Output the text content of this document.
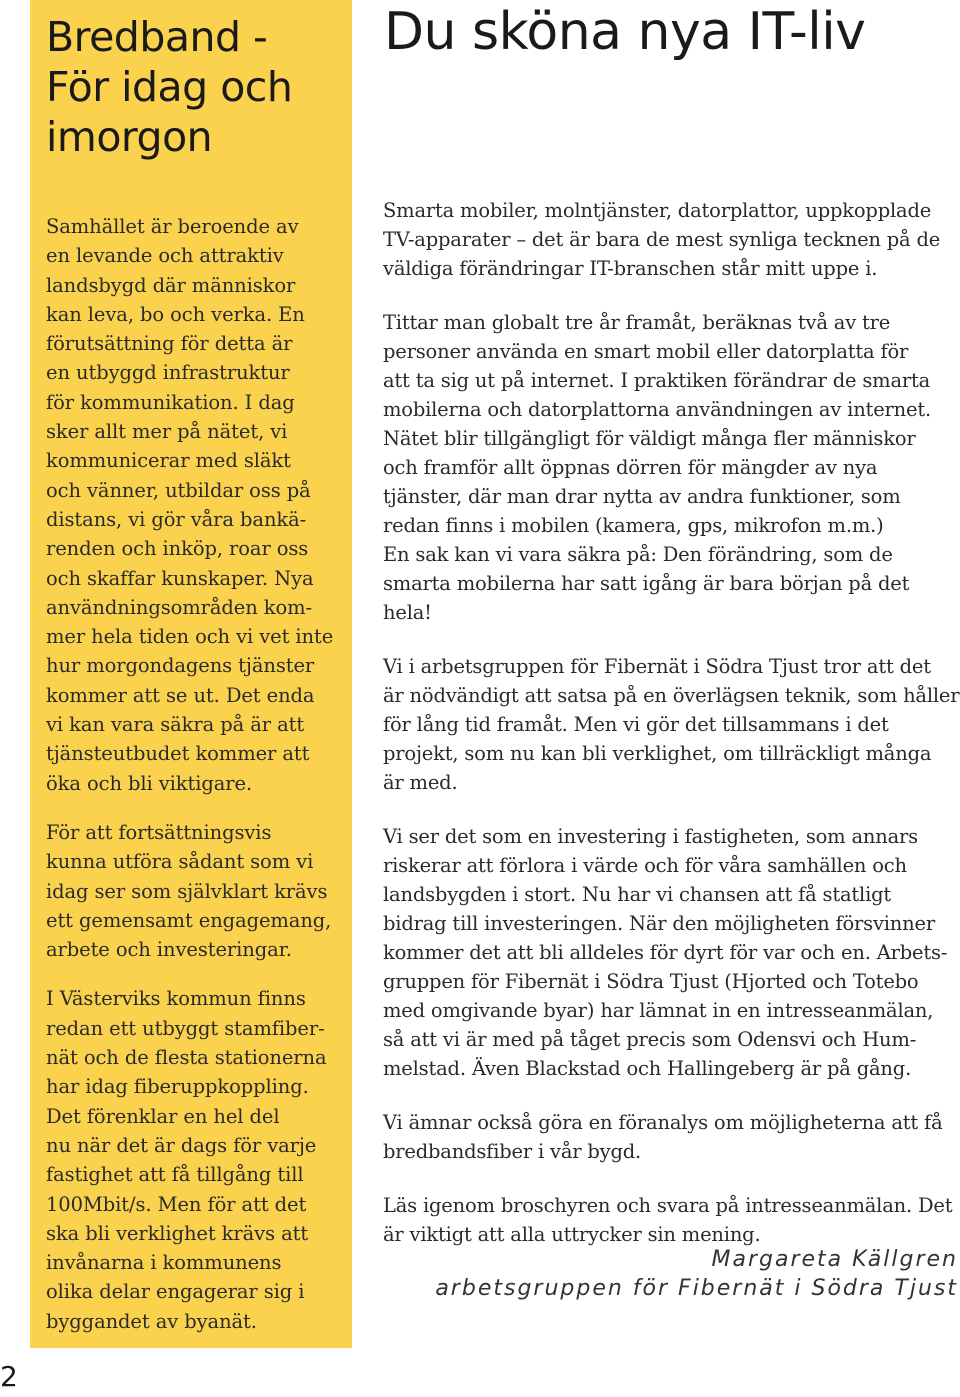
Bredband -
För idag och
imorgon

Samhället är beroende av
en levande och attraktiv
landsbygd där människor
kan leva, bo och verka. En
förutsättning för detta är
en utbyggd infrastruktur
för kommunikation. I dag
sker allt mer på nätet, vi
kommunicerar med släkt
och vänner, utbildar oss på
distans, vi gör våra bankä-
renden och inköp, roar oss
och skaffar kunskaper. Nya
användningsområden kom-
mer hela tiden och vi vet inte
hur morgondagens tjänster
kommer att se ut. Det enda
vi kan vara säkra på är att
tjänsteutbudet kommer att
öka och bli viktigare.

För att fortsättningsvis
kunna utföra sådant som vi
idag ser som självklart krävs
ett gemensamt engagemang,
arbete och investeringar.

I Västerviks kommun finns
redan ett utbyggt stamfiber-
nät och de flesta stationerna
har idag fiberuppkoppling.
Det förenklar en hel del
nu när det är dags för varje
fastighet att få tillgång till
100Mbit/s. Men för att det
ska bli verklighet krävs att
invånarna i kommunens
olika delar engagerar sig i
byggandet av byanät.

Du sköna nya IT-liv

Smarta mobiler, molntjänster, datorplattor, uppkopplade
TV-apparater – det är bara de mest synliga tecknen på de
väldiga förändringar IT-branschen står mitt uppe i.

Tittar man globalt tre år framåt, beräknas två av tre
personer använda en smart mobil eller datorplatta för
att ta sig ut på internet. I praktiken förändrar de smarta
mobilerna och datorplattorna användningen av internet.
Nätet blir tillgängligt för väldigt många fler människor
och framför allt öppnas dörren för mängder av nya
tjänster, där man drar nytta av andra funktioner, som
redan finns i mobilen (kamera, gps, mikrofon m.m.)
En sak kan vi vara säkra på: Den förändring, som de
smarta mobilerna har satt igång är bara början på det hela!

Vi i arbetsgruppen för Fibernät i Södra Tjust tror att det
är nödvändigt att satsa på en överlägsen teknik, som håller
för lång tid framåt. Men vi gör det tillsammans i det
projekt, som nu kan bli verklighet, om tillräckligt många
är med.

Vi ser det som en investering i fastigheten, som annars
riskerar att förlora i värde och för våra samhällen och
landsbygden i stort. Nu har vi chansen att få statligt
bidrag till investeringen. När den möjligheten försvinner
kommer det att bli alldeles för dyrt för var och en. Arbets-
gruppen för Fibernät i Södra Tjust (Hjorted och Totebo
med omgivande byar) har lämnat in en intresseanmälan,
så att vi är med på tåget precis som Odensvi och Hum-
melstad. Även Blackstad och Hallingeberg är på gång.

Vi ämnar också göra en föranalys om möjligheterna att få
bredbandsfiber i vår bygd.

Läs igenom broschyren och svara på intresseanmälan. Det
är viktigt att alla uttrycker sin mening.

Margareta Källgren
arbetsgruppen för Fibernät i Södra Tjust
2
